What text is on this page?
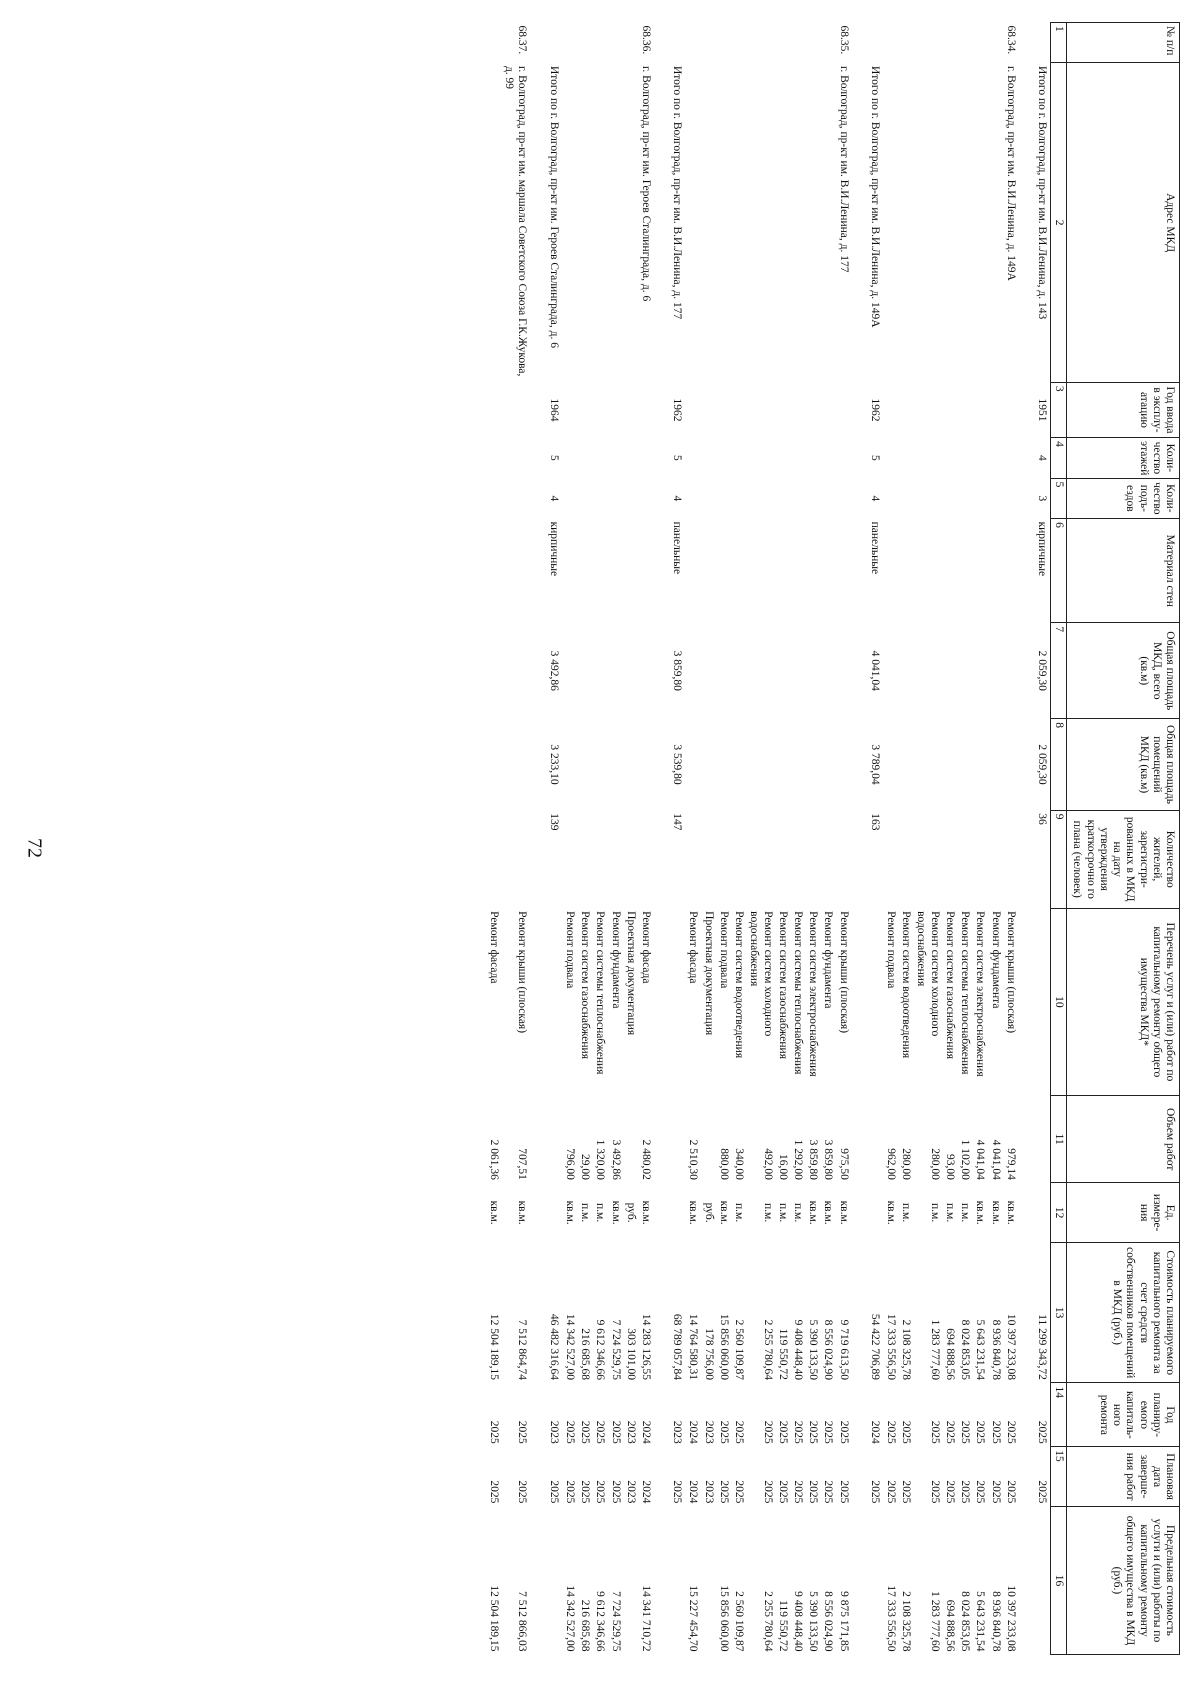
72
№ п/п	Адрес МКД	Год ввода в эксплу-атацию	Коли-чество этажей	Коли-чество подъ-ездов	Материал стен	Общая площадь МКД, всего (кв.м)	Общая площадь помещений МКД (кв.м)	Количество жителей, зарегистри-рованных в МКД на дату утверждения краткосрочно го плана (человек)	Перечень услуг и (или) работ по капитальному ремонту общего имущества МКД*	Объем работ	Ед. измере-ния	Стоимость планируемого капитального ремонта за счет средств собственников помещений в МКД (руб.)	Год планиру-емого капиталь-ного ремонта	Плановая дата заверше-ния работ	Предельная стоимость услуги и (или) работы по капитальному ремонту общего имущества в МКД (руб.)
1	2	3	4	5	6	7	8	9	10	11	12	13	14	15	16
	Итого по г. Волгоград, пр-кт им. В.И.Ленина, д. 143	1951	4	3	кирпичные	2 059,30	2 059,30	36				11 299 343,72	2025	2025	

68.34.	г. Волгоград, пр-кт им. В.И.Ленина, д. 149А								Ремонт крыши (плоская)	979,14	кв.м.	10 397 233,08	2025	2025	10 397 233,08
									Ремонт фундамента	4 041,04	кв.м.	8 936 840,78	2025	2025	8 936 840,78
									Ремонт систем электроснабжения	4 041,04	кв.м.	5 643 231,54	2025	2025	5 643 231,54
									Ремонт системы теплоснабжения	1 102,00	п.м.	8 024 853,05	2025	2025	8 024 853,05
									Ремонт систем газоснабжения	93,00	п.м.	694 888,56	2025	2025	694 888,56
									Ремонт систем холодного водоснабжения	280,00	п.м.	1 283 777,60	2025	2025	1 283 777,60
									Ремонт систем водоотведения	280,00	п.м.	2 108 325,78	2025	2025	2 108 325,78
									Ремонт подвала	962,00	кв.м.	17 333 556,50	2025	2025	17 333 556,50
	Итого по г. Волгоград, пр-кт им. В.И.Ленина, д. 149А	1962	5	4	панельные	4 041,04	3 789,04	163				54 422 706,89	2024	2025	

68.35.	г. Волгоград, пр-кт им. В.И.Ленина, д. 177								Ремонт крыши (плоская)	975,50	кв.м.	9 719 613,50	2025	2025	9 875 171,85
									Ремонт фундамента	3 859,80	кв.м.	8 556 024,90	2025	2025	8 556 024,90
									Ремонт систем электроснабжения	3 859,80	кв.м.	5 390 133,50	2025	2025	5 390 133,50
									Ремонт системы теплоснабжения	1 292,00	п.м.	9 408 448,40	2025	2025	9 408 448,40
									Ремонт систем газоснабжения	16,00	п.м.	119 550,72	2025	2025	119 550,72
									Ремонт систем холодного водоснабжения	492,00	п.м.	2 255 780,64	2025	2025	2 255 780,64
									Ремонт систем водоотведения	340,00	п.м.	2 560 109,87	2025	2025	2 560 109,87
									Ремонт подвала	880,00	кв.м.	15 856 060,00	2025	2025	15 856 060,00
									Проектная документация		руб.	178 756,00	2023	2023	
									Ремонт фасада	2 510,30	кв.м.	14 764 580,31	2024	2024	15 227 454,70
	Итого по г. Волгоград, пр-кт им. В.И.Ленина, д. 177	1962	5	4	панельные	3 859,80	3 539,80	147				68 789 057,84	2023	2025	

68.36.	г. Волгоград, пр-кт им. Героев Сталинграда, д. 6								Ремонт фасада	2 480,02	кв.м.	14 283 126,55	2024	2024	14 341 710,72
									Проектная документация		руб.	303 101,00	2023	2023	
									Ремонт фундамента	3 492,86	кв.м.	7 724 529,75	2025	2025	7 724 529,75
									Ремонт системы теплоснабжения	1 320,00	п.м.	9 612 346,66	2025	2025	9 612 346,66
									Ремонт систем газоснабжения	29,00	п.м.	216 685,68	2025	2025	216 685,68
									Ремонт подвала	796,00	кв.м.	14 342 527,00	2025	2025	14 342 527,00
	Итого по г. Волгоград, пр-кт им. Героев Сталинграда, д. 6	1964	5	4	кирпичные	3 492,86	3 233,10	139				46 482 316,64	2023	2025	

68.37.	г. Волгоград, пр-кт им. маршала Советского Союза Г.К.Жукова, д. 99								Ремонт крыши (плоская)	707,51	кв.м.	7 512 864,74	2025	2025	7 512 866,03
									Ремонт фасада	2 061,36	кв.м.	12 504 189,15	2025	2025	12 504 189,15
